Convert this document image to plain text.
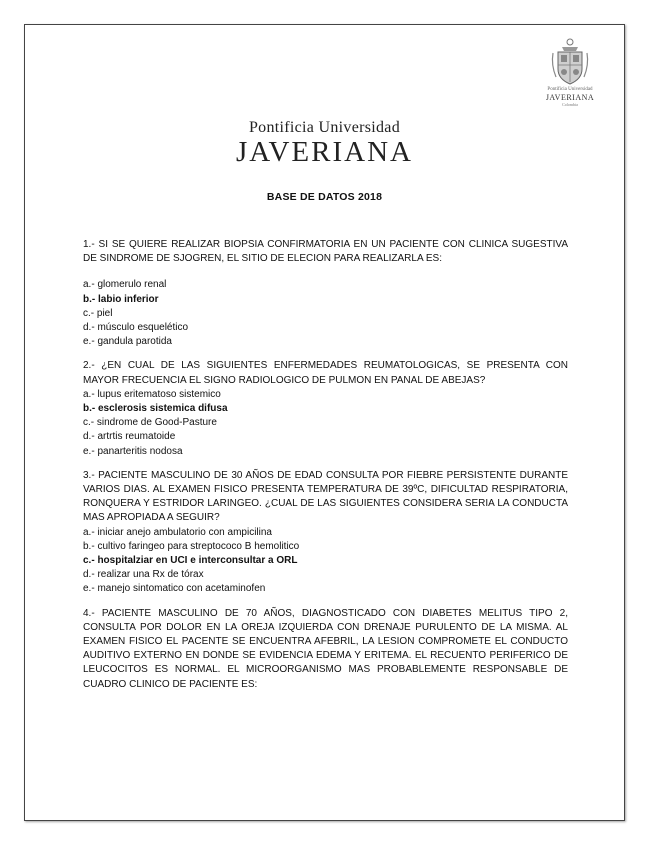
Pontificia Universidad
JAVERIANA
Colombia
Pontificia Universidad
JAVERIANA
BASE DE DATOS 2018

1.- SI SE QUIERE REALIZAR BIOPSIA CONFIRMATORIA EN UN PACIENTE CON CLINICA SUGESTIVA DE SINDROME DE SJOGREN, EL SITIO DE ELECION PARA REALIZARLA ES:

a.- glomerulo renal
b.- labio inferior
c.- piel
d.- músculo esquelético
e.- gandula parotida

2.- ¿EN CUAL DE LAS SIGUIENTES ENFERMEDADES REUMATOLOGICAS, SE PRESENTA CON MAYOR FRECUENCIA EL SIGNO RADIOLOGICO DE PULMON EN PANAL DE ABEJAS?

a.- lupus eritematoso sistemico
b.- esclerosis sistemica difusa
c.- sindrome de Good-Pasture
d.- artrtis reumatoide
e.- panarteritis nodosa

3.- PACIENTE MASCULINO DE 30 AÑOS DE EDAD CONSULTA POR FIEBRE PERSISTENTE DURANTE VARIOS DIAS. AL EXAMEN FISICO PRESENTA TEMPERATURA DE 39ºC, DIFICULTAD RESPIRATORIA, RONQUERA Y ESTRIDOR LARINGEO. ¿CUAL DE LAS SIGUIENTES CONSIDERA SERIA LA CONDUCTA MAS APROPIADA A SEGUIR?

a.- iniciar anejo ambulatorio con ampicilina
b.- cultivo faringeo para streptococo B hemolitico
c.- hospitalziar en UCI e interconsultar a ORL
d.- realizar una Rx de tórax
e.- manejo sintomatico con acetaminofen

4.- PACIENTE MASCULINO DE 70 AÑOS, DIAGNOSTICADO CON DIABETES MELITUS TIPO 2, CONSULTA POR DOLOR EN LA OREJA IZQUIERDA CON DRENAJE PURULENTO DE LA MISMA. AL EXAMEN FISICO EL PACENTE SE ENCUENTRA AFEBRIL, LA LESION COMPROMETE EL CONDUCTO AUDITIVO EXTERNO EN DONDE SE EVIDENCIA EDEMA Y ERITEMA. EL RECUENTO PERIFERICO DE LEUCOCITOS ES NORMAL. EL MICROORGANISMO MAS PROBABLEMENTE RESPONSABLE DE CUADRO CLINICO DE PACIENTE ES:
